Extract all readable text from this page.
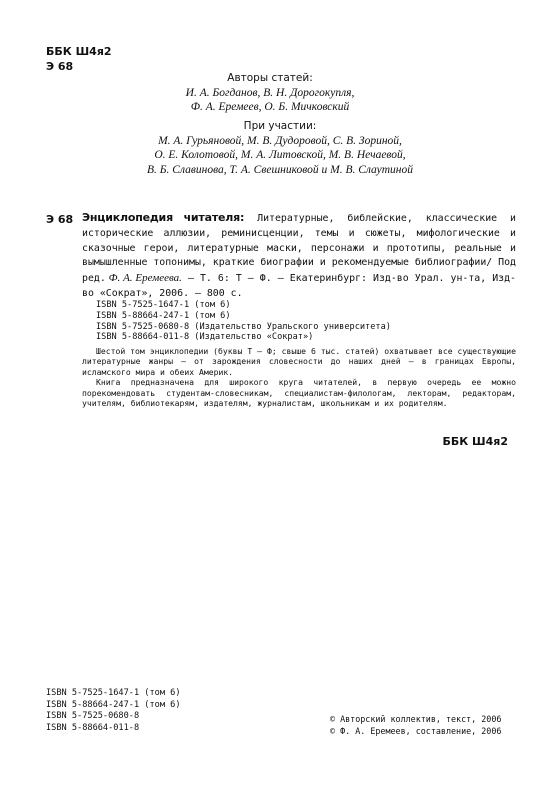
ББК Ш4я2
Э 68
Авторы статей:
И. А. Богданов, В. Н. Дорогокупля,
Ф. А. Еремеев, О. Б. Мичковский
При участии:
М. А. Гурьяновой, М. В. Дудоровой, С. В. Зориной,
О. Е. Колотовой, М. А. Литовской, М. В. Нечаевой,
В. Б. Славинова, Т. А. Свешниковой и М. В. Слаутиной
Э 68 Энциклопедия читателя: Литературные, библейские, классические и исторические аллюзии, реминисценции, темы и сюжеты, мифологические и сказочные герои, литературные маски, персонажи и прототипы, реальные и вымышленные топонимы, краткие биографии и рекомендуемые библиографии/ Под ред. Ф. А. Еремеева. — Т. 6: Т — Ф. — Екатеринбург: Изд-во Урал. ун-та, Изд-во «Сократ», 2006. — 800 с.
ISBN 5-7525-1647-1 (том 6)
ISBN 5-88664-247-1 (том 6)
ISBN 5-7525-0680-8 (Издательство Уральского университета)
ISBN 5-88664-011-8 (Издательство «Сократ»)

Шестой том энциклопедии (буквы Т — Ф; свыше 6 тыс. статей) охватывает все существующие литературные жанры — от зарождения словесности до наших дней — в границах Европы, исламского мира и обеих Америк.

Книга предназначена для широкого круга читателей, в первую очередь ее можно порекомендовать студентам-словесникам, специалистам-филологам, лекторам, редакторам, учителям, библиотекарям, издателям, журналистам, школьникам и их родителям.

ББК Ш4я2
ISBN 5-7525-1647-1 (том 6)
ISBN 5-88664-247-1 (том 6)
ISBN 5-7525-0680-8
ISBN 5-88664-011-8
© Авторский коллектив, текст, 2006
© Ф. А. Еремеев, составление, 2006
